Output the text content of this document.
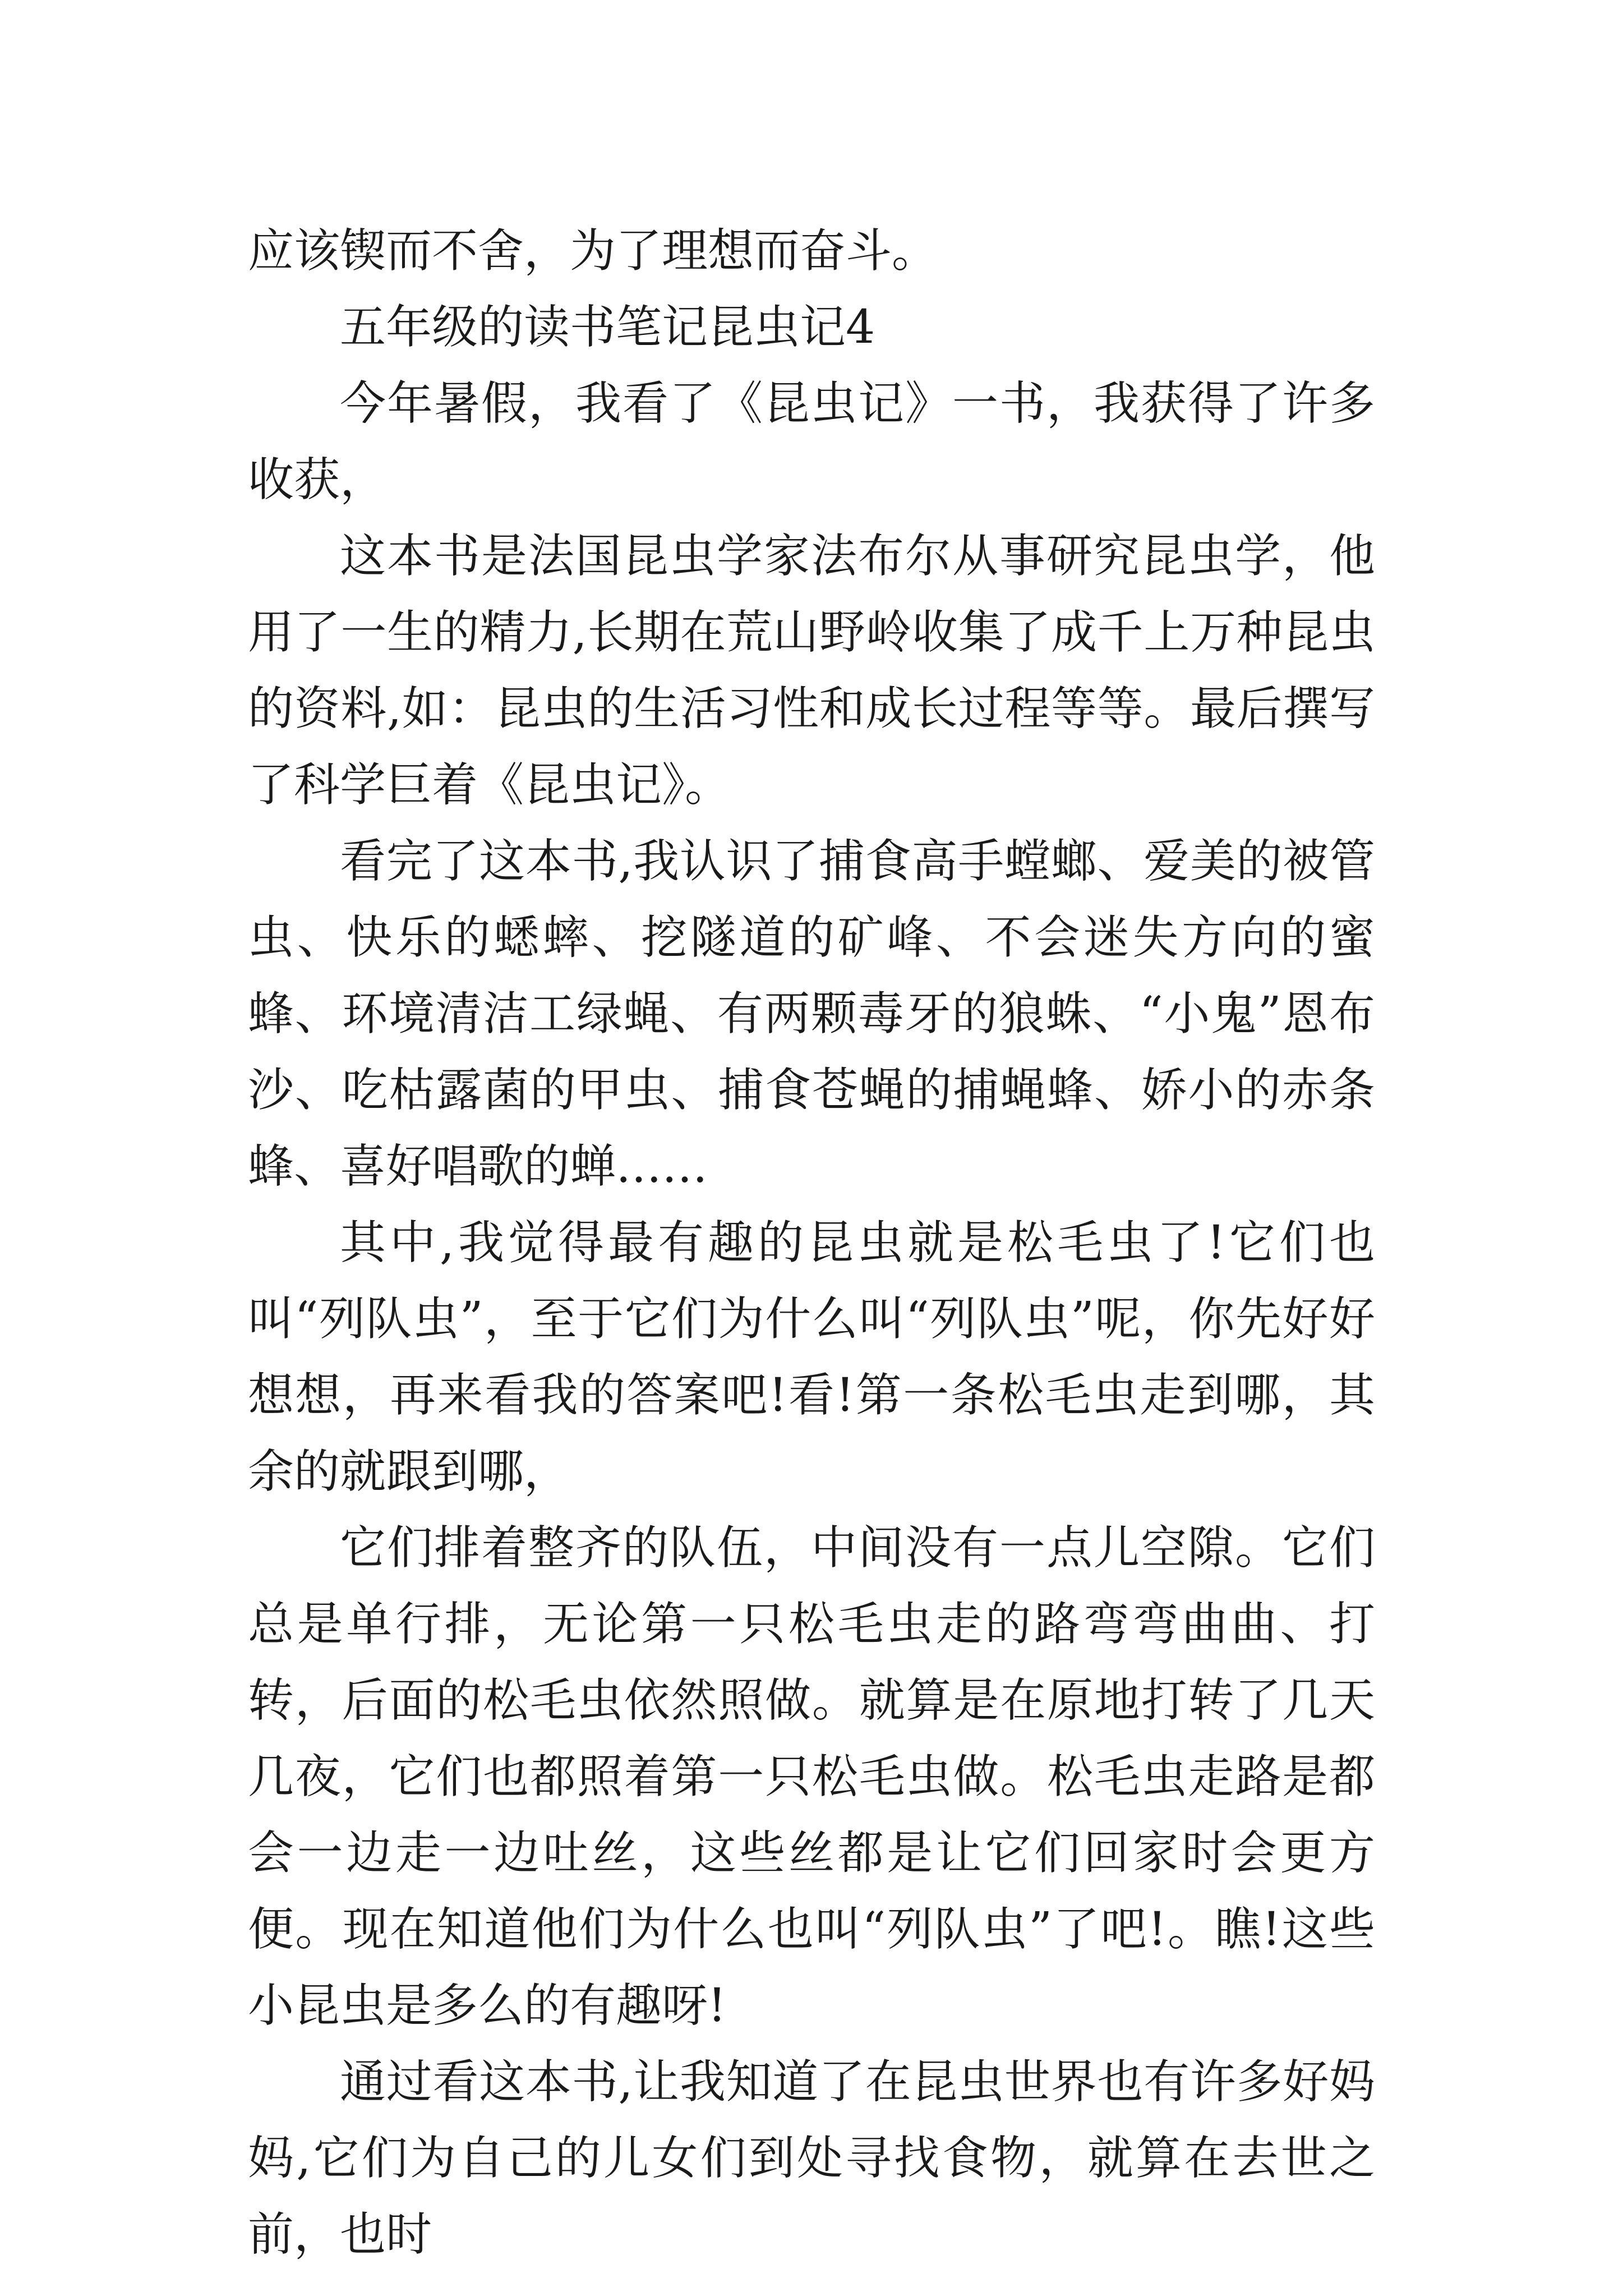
应该锲而不舍，为了理想而奋斗。

五年级的读书笔记昆虫记4

今年暑假，我看了《昆虫记》一书，我获得了许多收获，

这本书是法国昆虫学家法布尔从事研究昆虫学，他用了一生的精力,长期在荒山野岭收集了成千上万种昆虫的资料,如：昆虫的生活习性和成长过程等等。最后撰写了科学巨着《昆虫记》。

看完了这本书,我认识了捕食高手螳螂、爱美的被管虫、快乐的蟋蟀、挖隧道的矿峰、不会迷失方向的蜜蜂、环境清洁工绿蝇、有两颗毒牙的狼蛛、“小鬼”恩布沙、吃枯露菌的甲虫、捕食苍蝇的捕蝇蜂、娇小的赤条蜂、喜好唱歌的蝉……

其中,我觉得最有趣的昆虫就是松毛虫了!它们也叫“列队虫”，至于它们为什么叫“列队虫”呢，你先好好想想，再来看我的答案吧!看!第一条松毛虫走到哪，其余的就跟到哪，

它们排着整齐的队伍，中间没有一点儿空隙。它们总是单行排，无论第一只松毛虫走的路弯弯曲曲、打转，后面的松毛虫依然照做。就算是在原地打转了几天几夜，它们也都照着第一只松毛虫做。松毛虫走路是都会一边走一边吐丝，这些丝都是让它们回家时会更方便。现在知道他们为什么也叫“列队虫”了吧!。瞧!这些小昆虫是多么的有趣呀!

通过看这本书,让我知道了在昆虫世界也有许多好妈妈,它们为自己的儿女们到处寻找食物，就算在去世之前，也时
